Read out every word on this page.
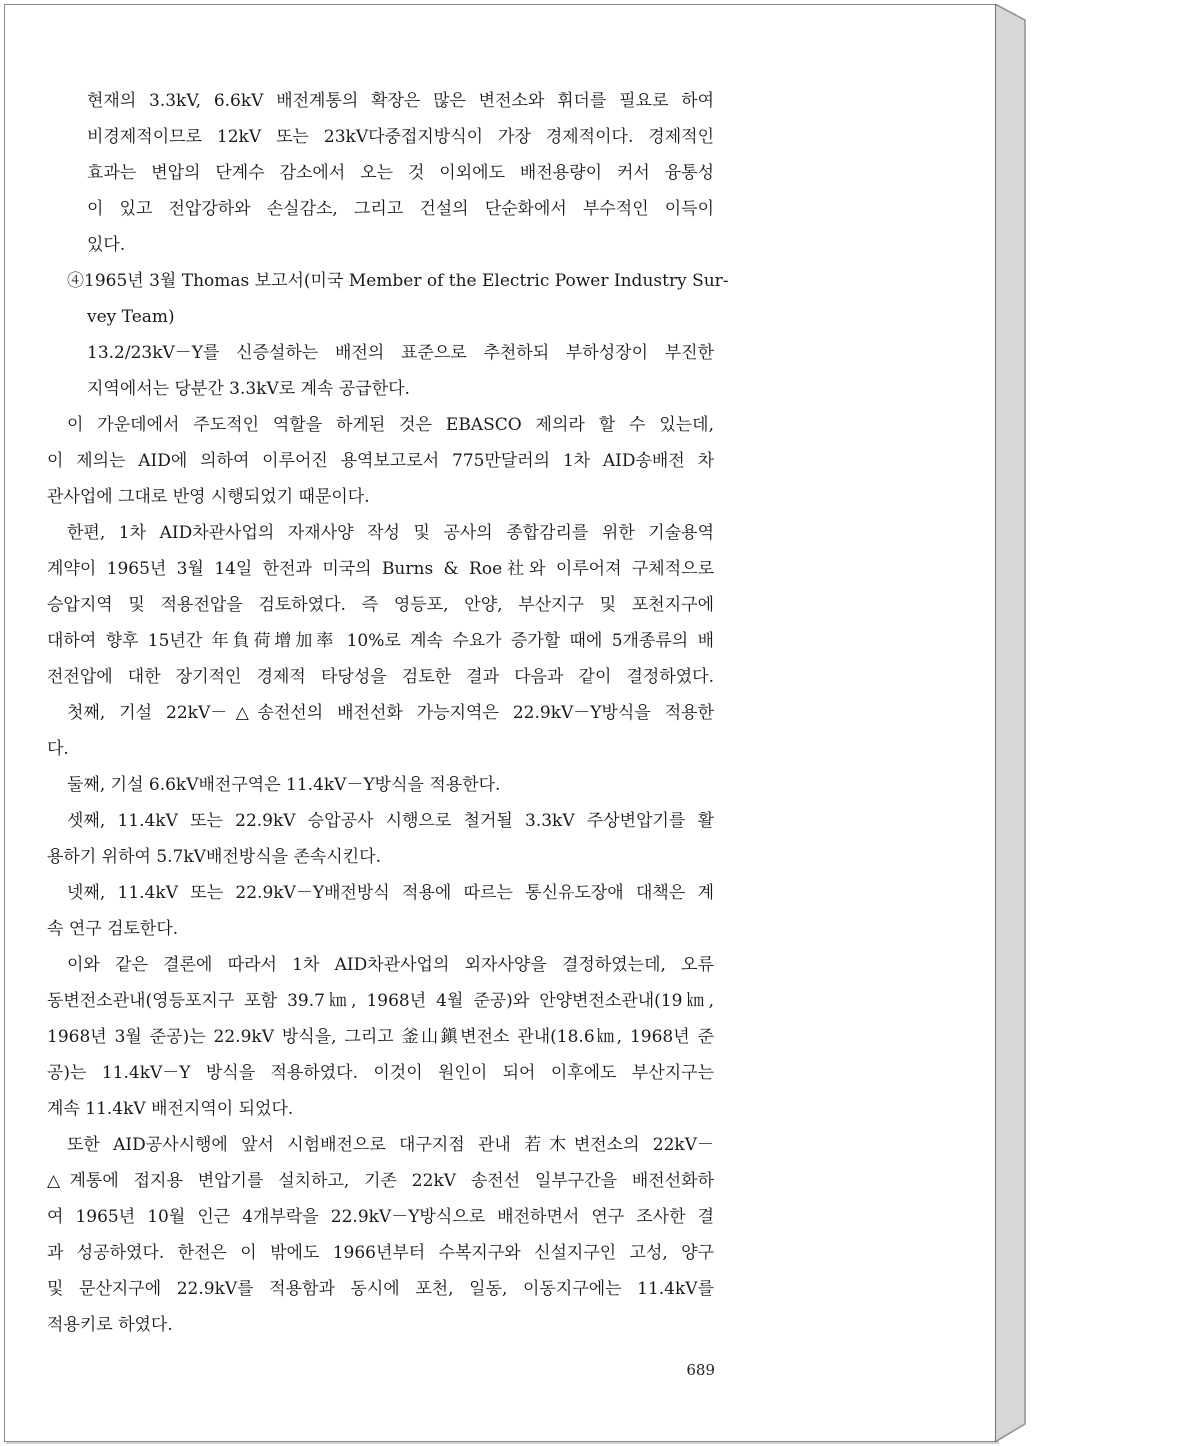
현재의 3.3kV, 6.6kV 배전계통의 확장은 많은 변전소와 휘더를 필요로 하여
비경제적이므로 12kV 또는 23kV다중접지방식이 가장 경제적이다. 경제적인
효과는 변압의 단계수 감소에서 오는 것 이외에도 배전용량이 커서 융통성
이 있고 전압강하와 손실감소, 그리고 건설의 단순화에서 부수적인 이득이
있다.
④1965년 3월 Thomas 보고서(미국 Member of the Electric Power Industry Sur-
vey Team)
13.2/23kV－Y를 신증설하는 배전의 표준으로 추천하되 부하성장이 부진한
지역에서는 당분간 3.3kV로 계속 공급한다.
이 가운데에서 주도적인 역할을 하게된 것은 EBASCO 제의라 할 수 있는데,
이 제의는 AID에 의하여 이루어진 용역보고로서 775만달러의 1차 AID송배전 차
관사업에 그대로 반영 시행되었기 때문이다.
한편, 1차 AID차관사업의 자재사양 작성 및 공사의 종합감리를 위한 기술용역
계약이 1965년 3월 14일 한전과 미국의 Burns & Roe社와 이루어져 구체적으로
승압지역 및 적용전압을 검토하였다. 즉 영등포, 안양, 부산지구 및 포천지구에
대하여 향후 15년간 年負荷增加率 10%로 계속 수요가 증가할 때에 5개종류의 배
전전압에 대한 장기적인 경제적 타당성을 검토한 결과 다음과 같이 결정하였다.
첫째, 기설 22kV－△송전선의 배전선화 가능지역은 22.9kV－Y방식을 적용한
다.
둘째, 기설 6.6kV배전구역은 11.4kV－Y방식을 적용한다.
셋째, 11.4kV 또는 22.9kV 승압공사 시행으로 철거될 3.3kV 주상변압기를 활
용하기 위하여 5.7kV배전방식을 존속시킨다.
넷째, 11.4kV 또는 22.9kV－Y배전방식 적용에 따르는 통신유도장애 대책은 계
속 연구 검토한다.
이와 같은 결론에 따라서 1차 AID차관사업의 외자사양을 결정하였는데, 오류
동변전소관내(영등포지구 포함 39.7㎞, 1968년 4월 준공)와 안양변전소관내(19㎞,
1968년 3월 준공)는 22.9kV 방식을, 그리고 釜山鎭변전소 관내(18.6㎞, 1968년 준
공)는 11.4kV－Y 방식을 적용하였다. 이것이 원인이 되어 이후에도 부산지구는
계속 11.4kV 배전지역이 되었다.
또한 AID공사시행에 앞서 시험배전으로 대구지점 관내 若木변전소의 22kV－
△계통에 접지용 변압기를 설치하고, 기존 22kV 송전선 일부구간을 배전선화하
여 1965년 10월 인근 4개부락을 22.9kV－Y방식으로 배전하면서 연구 조사한 결
과 성공하였다. 한전은 이 밖에도 1966년부터 수복지구와 신설지구인 고성, 양구
및 문산지구에 22.9kV를 적용함과 동시에 포천, 일동, 이동지구에는 11.4kV를
적용키로 하였다.
689
